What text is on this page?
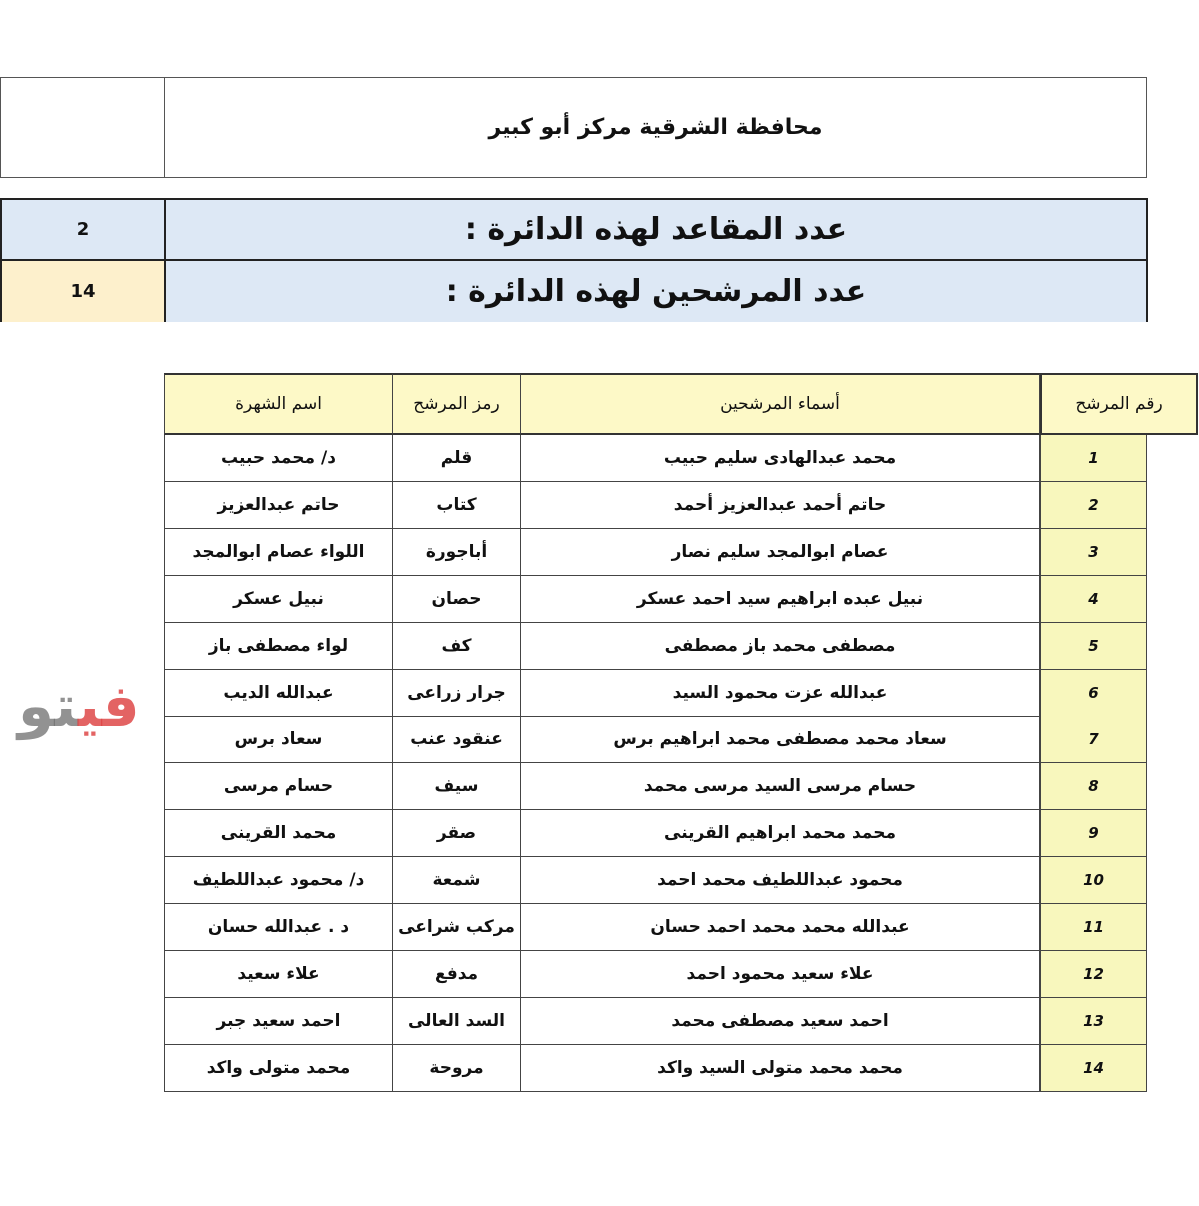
محافظة الشرقية مركز أبو كبير
2	عدد المقاعد لهذه الدائرة :
14	عدد المرشحين لهذه الدائرة :
اسم الشهرة	رمز المرشح	أسماء المرشحين	رقم المرشح
د/ محمد حبيب	قلم	محمد عبدالهادى سليم حبيب	1
حاتم عبدالعزيز	كتاب	حاتم أحمد عبدالعزيز أحمد	2
اللواء عصام ابوالمجد	أباجورة	عصام ابوالمجد سليم نصار	3
نبيل عسكر	حصان	نبيل عبده ابراهيم سيد احمد عسكر	4
لواء مصطفى باز	كف	مصطفى محمد باز مصطفى	5
عبدالله الديب	جرار زراعى	عبدالله عزت محمود السيد	6
سعاد برس	عنقود عنب	سعاد محمد مصطفى محمد ابراهيم برس	7
حسام مرسى	سيف	حسام مرسى السيد مرسى محمد	8
محمد القرينى	صقر	محمد محمد ابراهيم القرينى	9
د/ محمود عبداللطيف	شمعة	محمود عبداللطيف محمد احمد	10
د . عبدالله حسان	مركب شراعى	عبدالله محمد محمد احمد حسان	11
علاء سعيد	مدفع	علاء سعيد محمود احمد	12
احمد سعيد جبر	السد العالى	احمد سعيد مصطفى محمد	13
محمد متولى واكد	مروحة	محمد محمد متولى السيد واكد	14
فيتو
